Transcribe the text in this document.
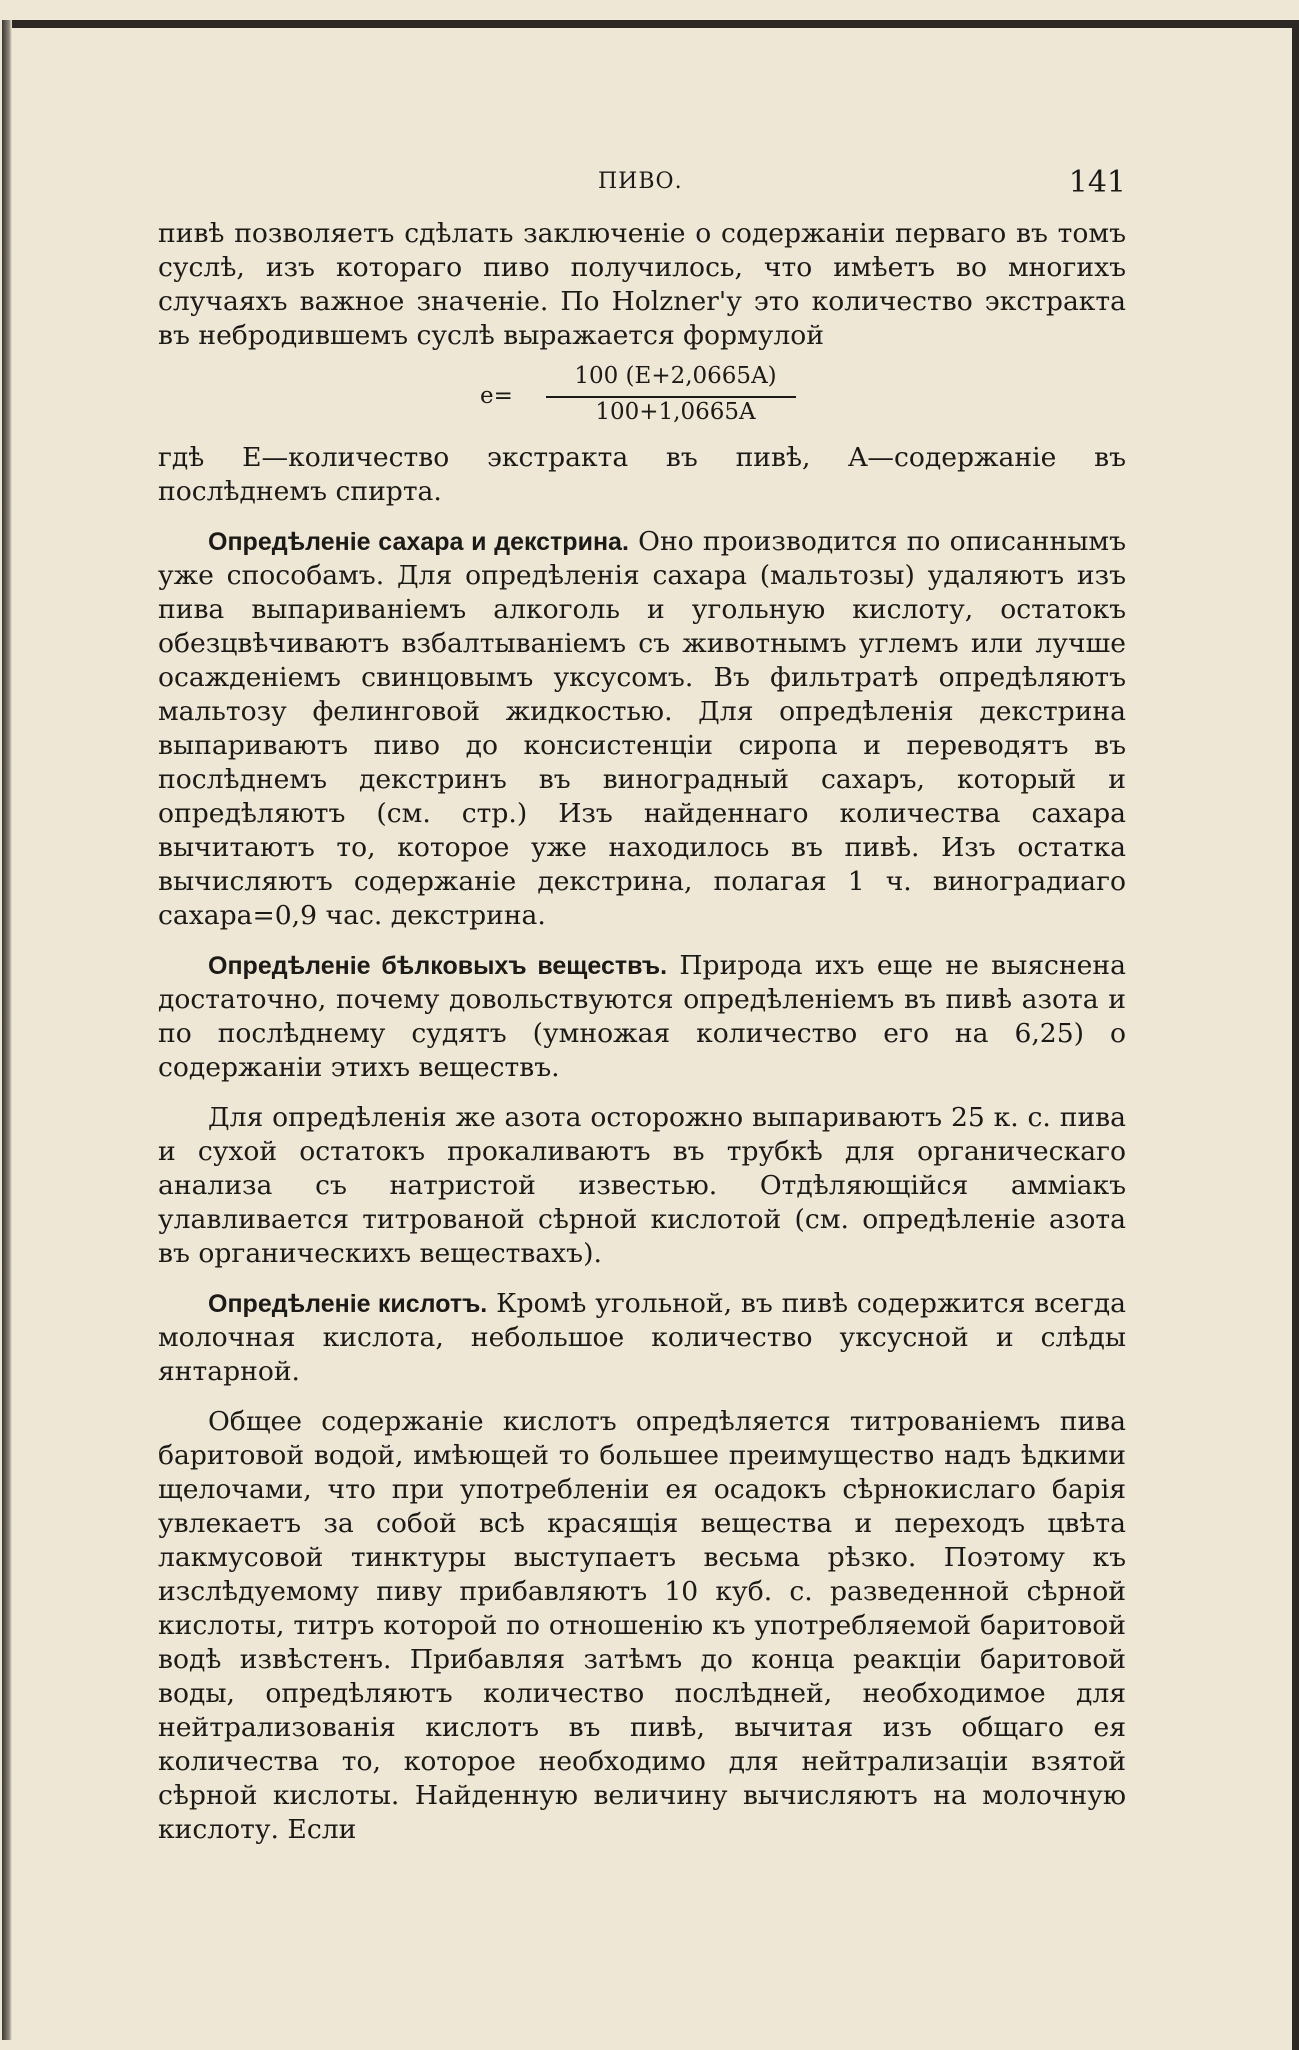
ПИВО.	141

пивѣ позволяетъ сдѣлать заключеніе о содержаніи перваго въ томъ суслѣ, изъ котораго пиво получилось, что имѣетъ во многихъ случаяхъ важное значеніе. По Holzner'у это количество экстракта въ небродившемъ суслѣ выражается формулой

e=
100 (E+2,0665A)
100+1,0665A

гдѣ E—количество экстракта въ пивѣ, A—содержаніе въ послѣднемъ спирта.

Опредѣленіе сахара и декстрина. Оно производится по описаннымъ уже способамъ. Для опредѣленія сахара (мальтозы) удаляютъ изъ пива выпариваніемъ алкоголь и угольную кислоту, остатокъ обезцвѣчиваютъ взбалтываніемъ съ животнымъ углемъ или лучше осажденіемъ свинцовымъ уксусомъ. Въ фильтратѣ опредѣляютъ мальтозу фелинговой жидкостью. Для опредѣленія декстрина выпариваютъ пиво до консистенціи сиропа и переводятъ въ послѣднемъ декстринъ въ виноградный сахаръ, который и опредѣляютъ (см. стр.) Изъ найденнаго количества сахара вычитаютъ то, которое уже находилось въ пивѣ. Изъ остатка вычисляютъ содержаніе декстрина, полагая 1 ч. виноградиаго сахара=0,9 час. декстрина.

Опредѣленіе бѣлковыхъ веществъ. Природа ихъ еще не выяснена достаточно, почему довольствуются опредѣленіемъ въ пивѣ азота и по послѣднему судятъ (умножая количество его на 6,25) о содержаніи этихъ веществъ.

Для опредѣленія же азота осторожно выпариваютъ 25 к. с. пива и сухой остатокъ прокаливаютъ въ трубкѣ для органическаго анализа съ натристой известью. Отдѣляющійся амміакъ улавливается титрованой сѣрной кислотой (см. опредѣленіе азота въ органическихъ веществахъ).

Опредѣленіе кислотъ. Кромѣ угольной, въ пивѣ содержится всегда молочная кислота, небольшое количество уксусной и слѣды янтарной.

Общее содержаніе кислотъ опредѣляется титрованіемъ пива баритовой водой, имѣющей то большее преимущество надъ ѣдкими щелочами, что при употребленіи ея осадокъ сѣрнокислаго барія увлекаетъ за собой всѣ красящія вещества и переходъ цвѣта лакмусовой тинктуры выступаетъ весьма рѣзко. Поэтому къ изслѣдуемому пиву прибавляютъ 10 куб. с. разведенной сѣрной кислоты, титръ которой по отношенію къ употребляемой баритовой водѣ извѣстенъ. Прибавляя затѣмъ до конца реакціи баритовой воды, опредѣляютъ количество послѣдней, необходимое для нейтрализованія кислотъ въ пивѣ, вычитая изъ общаго ея количества то, которое необходимо для нейтрализаціи взятой сѣрной кислоты. Найденную величину вычисляютъ на молочную кислоту. Если
